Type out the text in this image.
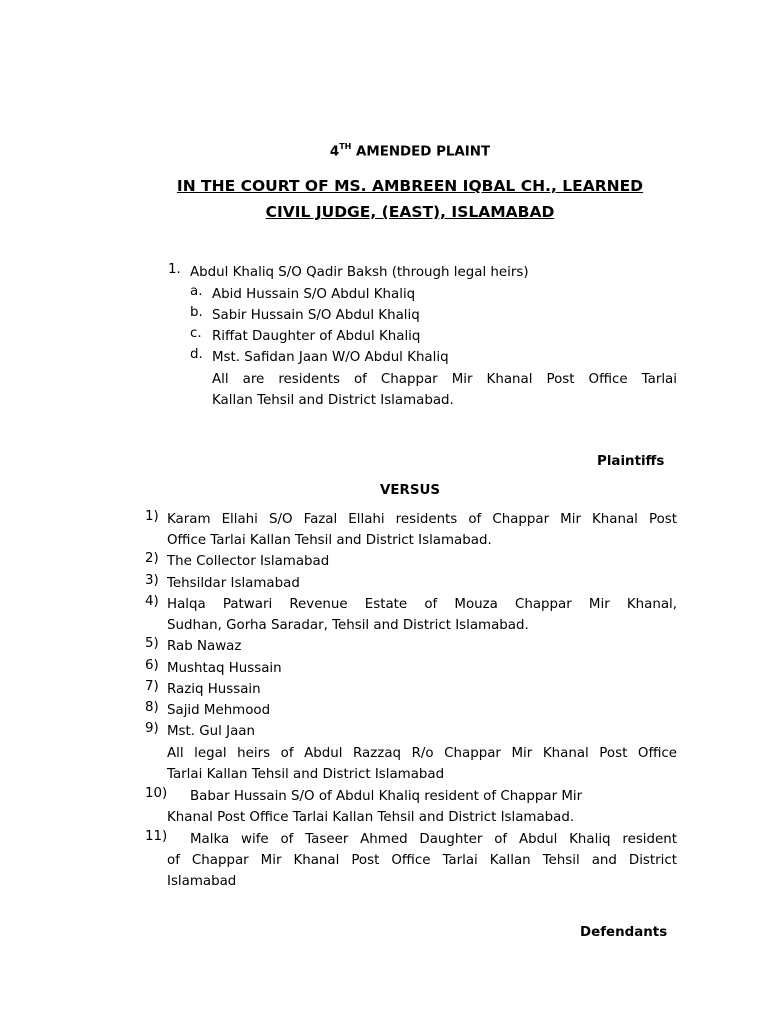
4TH AMENDED PLAINT
IN THE COURT OF MS. AMBREEN IQBAL CH., LEARNED
CIVIL JUDGE, (EAST), ISLAMABAD
1. Abdul Khaliq S/O Qadir Baksh (through legal heirs)
a. Abid Hussain S/O Abdul Khaliq
b. Sabir Hussain S/O Abdul Khaliq
c. Riffat Daughter of Abdul Khaliq
d. Mst. Safidan Jaan W/O Abdul Khaliq
All are residents of Chappar Mir Khanal Post Office Tarlai
Kallan Tehsil and District Islamabad.
Plaintiffs
VERSUS
1) Karam Ellahi S/O Fazal Ellahi residents of Chappar Mir Khanal Post
Office Tarlai Kallan Tehsil and District Islamabad.
2) The Collector Islamabad
3) Tehsildar Islamabad
4) Halqa Patwari Revenue Estate of Mouza Chappar Mir Khanal,
Sudhan, Gorha Saradar, Tehsil and District Islamabad.
5) Rab Nawaz
6) Mushtaq Hussain
7) Raziq Hussain
8) Sajid Mehmood
9) Mst. Gul Jaan
All legal heirs of Abdul Razzaq R/o Chappar Mir Khanal Post Office
Tarlai Kallan Tehsil and District Islamabad
10) Babar Hussain S/O of Abdul Khaliq resident of Chappar Mir
Khanal Post Office Tarlai Kallan Tehsil and District Islamabad.
11) Malka wife of Taseer Ahmed Daughter of Abdul Khaliq resident
of Chappar Mir Khanal Post Office Tarlai Kallan Tehsil and District
Islamabad
Defendants
